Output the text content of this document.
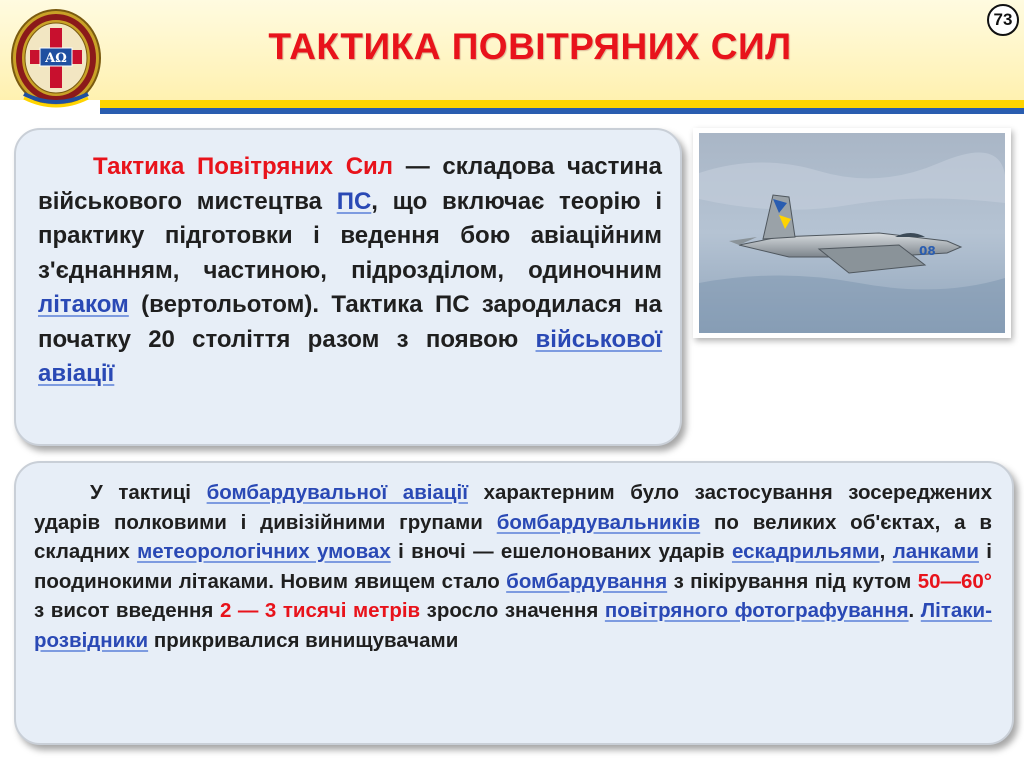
ΑΩ	ТАКТИКА ПОВІТРЯНИХ СИЛ
73
Тактика Повітряних Сил — складова частина військового мистецтва ПС, що включає теорію і практику підготовки і ведення бою авіаційним з'єднанням, частиною, підрозділом, одиночним літаком (вертольотом). Тактика ПС зародилася на початку 20 століття разом з появою військової авіації
08
У тактиці бомбардувальної авіації характерним було застосування зосереджених ударів полковими і дивізійними групами бомбардувальників по великих об'єктах, а в складних метеорологічних умовах і вночі — ешелонованих ударів ескадрильями, ланками і поодинокими літаками. Новим явищем стало бомбардування з пікірування під кутом 50—60° з висот введення 2 — 3 тисячі метрів зросло значення повітряного фотографування. Літаки-розвідники прикривалися винищувачами
